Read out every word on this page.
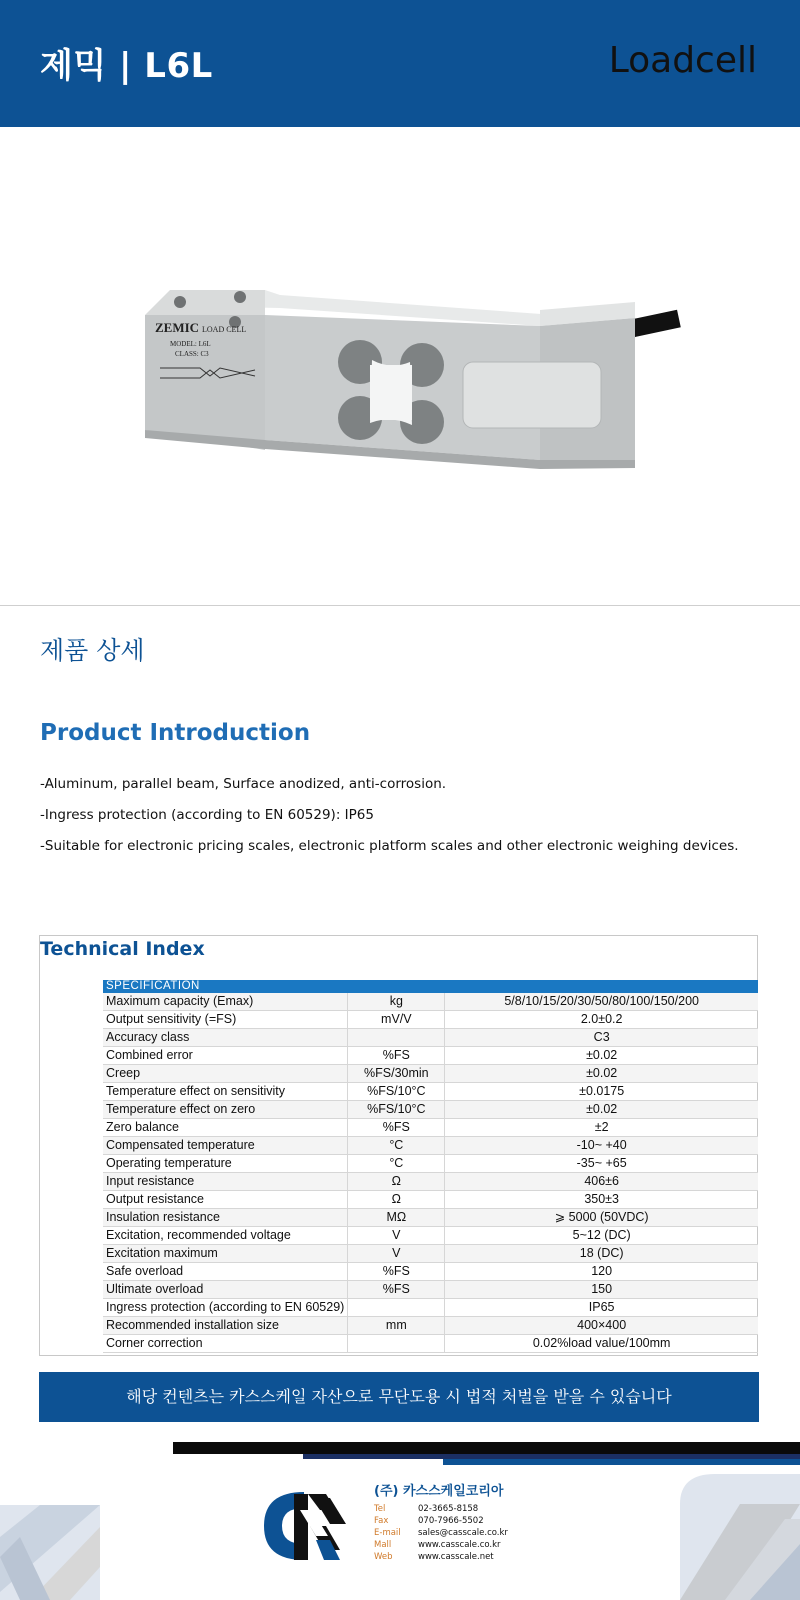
제믹 | L6L	Loadcell
ZEMIC LOAD CELL
MODEL: L6L
CLASS: C3
제품 상세
Product Introduction
-Aluminum, parallel beam, Surface anodized, anti-corrosion.
-Ingress protection (according to EN 60529): IP65
-Suitable for electronic pricing scales, electronic platform scales and other electronic weighing devices.
Technical Index
SPECIFICATION		
Maximum capacity (Emax)	kg	5/8/10/15/20/30/50/80/100/150/200
Output sensitivity (=FS)	mV/V	2.0±0.2
Accuracy class		C3
Combined error	%FS	±0.02
Creep	%FS/30min	±0.02
Temperature effect on sensitivity	%FS/10°C	±0.0175
Temperature effect on zero	%FS/10°C	±0.02
Zero balance	%FS	±2
Compensated temperature	°C	-10~ +40
Operating temperature	°C	-35~ +65
Input resistance	Ω	406±6
Output resistance	Ω	350±3
Insulation resistance	MΩ	⩾ 5000 (50VDC)
Excitation, recommended voltage	V	5~12 (DC)
Excitation maximum	V	18 (DC)
Safe overload	%FS	120
Ultimate overload	%FS	150
Ingress protection (according to EN 60529)		IP65
Recommended installation size	mm	400×400
Corner correction		0.02%load value/100mm
해당 컨텐츠는 카스스케일 자산으로 무단도용 시 법적 처벌을 받을 수 있습니다
(주) 카스스케일코리아
Tel	02-3665-8158
Fax	070-7966-5502
E-mail sales@casscale.co.kr
Mall	www.casscale.co.kr
Web	www.casscale.net
